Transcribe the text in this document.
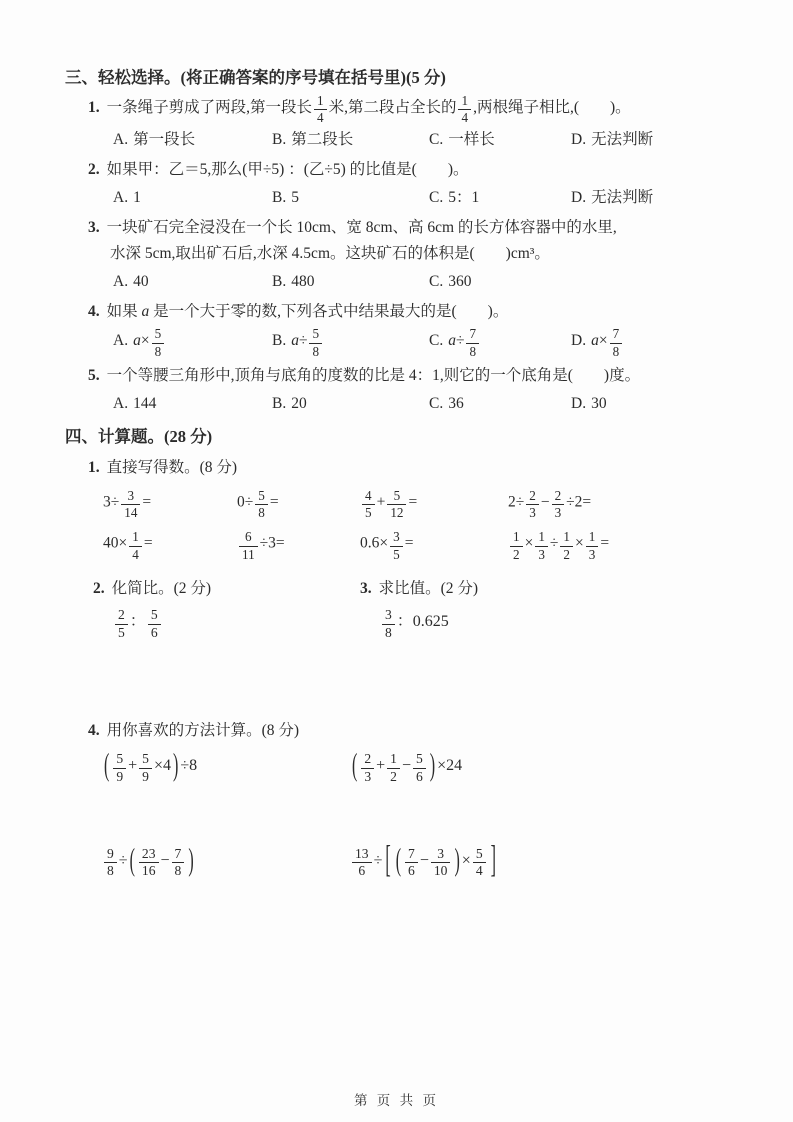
三、轻松选择。(将正确答案的序号填在括号里)(5 分)
1. 一条绳子剪成了两段,第一段长 $\frac{1}{4}$ 米,第二段占全长的 $\frac{1}{4}$ ,两根绳子相比,(　　)。
A. 第一段长	B. 第二段长	C. 一样长	D. 无法判断
2. 如果甲：乙＝5,那么(甲÷5) ：(乙÷5) 的比值是(　　)。
A. 1	B. 5	C. 5：1	D. 无法判断
3. 一块矿石完全浸没在一个长 10cm、宽 8cm、高 6cm 的长方体容器中的水里,
水深 5cm,取出矿石后,水深 4.5cm。这块矿石的体积是(　　)cm³。
A. 40	B. 480	C. 360
4. 如果 a 是一个大于零的数,下列各式中结果最大的是(　　)。
A. $a\times \frac{5}{8}$	B. $a\div \frac{5}{8}$	C. $a\div \frac{7}{8}$	D. $a\times \frac{7}{8}$
5. 一个等腰三角形中,顶角与底角的度数的比是 4：1,则它的一个底角是(　　)度。
A. 144	B. 20	C. 36	D. 30
四、计算题。(28 分)
1. 直接写得数。(8 分)
$3\div \frac{3}{14}$ =	$0\div \frac{5}{8}$ =	$\frac{4}{5} + \frac{5}{12}$ =	$2\div \frac{2}{3} - \frac{2}{3} \div 2=$
$40\times \frac{1}{4}$ =	$\frac{6}{11} \div 3=$	$0.6\times \frac{3}{5}$ =	$\frac{1}{2} \times \frac{1}{3} \div \frac{1}{2} \times \frac{1}{3}$ =
2. 化简比。(2 分)	3. 求比值。(2 分)
$\frac{2}{5}$ ： $\frac{5}{6}$	$\frac{3}{8}$ ：0.625
4. 用你喜欢的方法计算。(8 分)
( $\frac{5}{9} + \frac{5}{9} \times 4$ ) ÷8	( $\frac{2}{3} + \frac{1}{2} - \frac{5}{6}$ ) ×24
$\frac{9}{8}$ ÷ ( $\frac{23}{16} - \frac{7}{8}$ )	$\frac{13}{6}$ ÷ [ ( $\frac{7}{6} - \frac{3}{10}$ ) × $\frac{5}{4}$ ]
第 页 共 页
